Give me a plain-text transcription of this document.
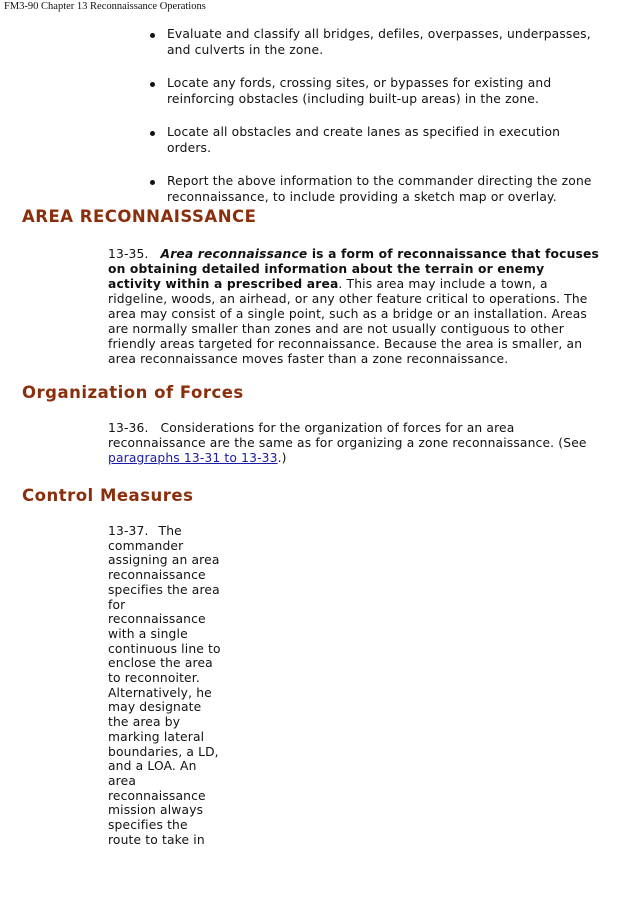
FM3-90 Chapter 13 Reconnaissance Operations
Evaluate and classify all bridges, defiles, overpasses, underpasses, and culverts in the zone.
Locate any fords, crossing sites, or bypasses for existing and reinforcing obstacles (including built-up areas) in the zone.
Locate all obstacles and create lanes as specified in execution orders.
Report the above information to the commander directing the zone reconnaissance, to include providing a sketch map or overlay.
AREA RECONNAISSANCE

13-35. Area reconnaissance is a form of reconnaissance that focuses on obtaining detailed information about the terrain or enemy activity within a prescribed area. This area may include a town, a ridgeline, woods, an airhead, or any other feature critical to operations. The area may consist of a single point, such as a bridge or an installation. Areas are normally smaller than zones and are not usually contiguous to other friendly areas targeted for reconnaissance. Because the area is smaller, an area reconnaissance moves faster than a zone reconnaissance.

Organization of Forces

13-36. Considerations for the organization of forces for an area reconnaissance are the same as for organizing a zone reconnaissance. (See paragraphs 13-31 to 13-33.)

Control Measures

13-37. The commander assigning an area reconnaissance specifies the area for reconnaissance with a single continuous line to enclose the area to reconnoiter. Alternatively, he may designate the area by marking lateral boundaries, a LD, and a LOA. An area reconnaissance mission always specifies the route to take in
